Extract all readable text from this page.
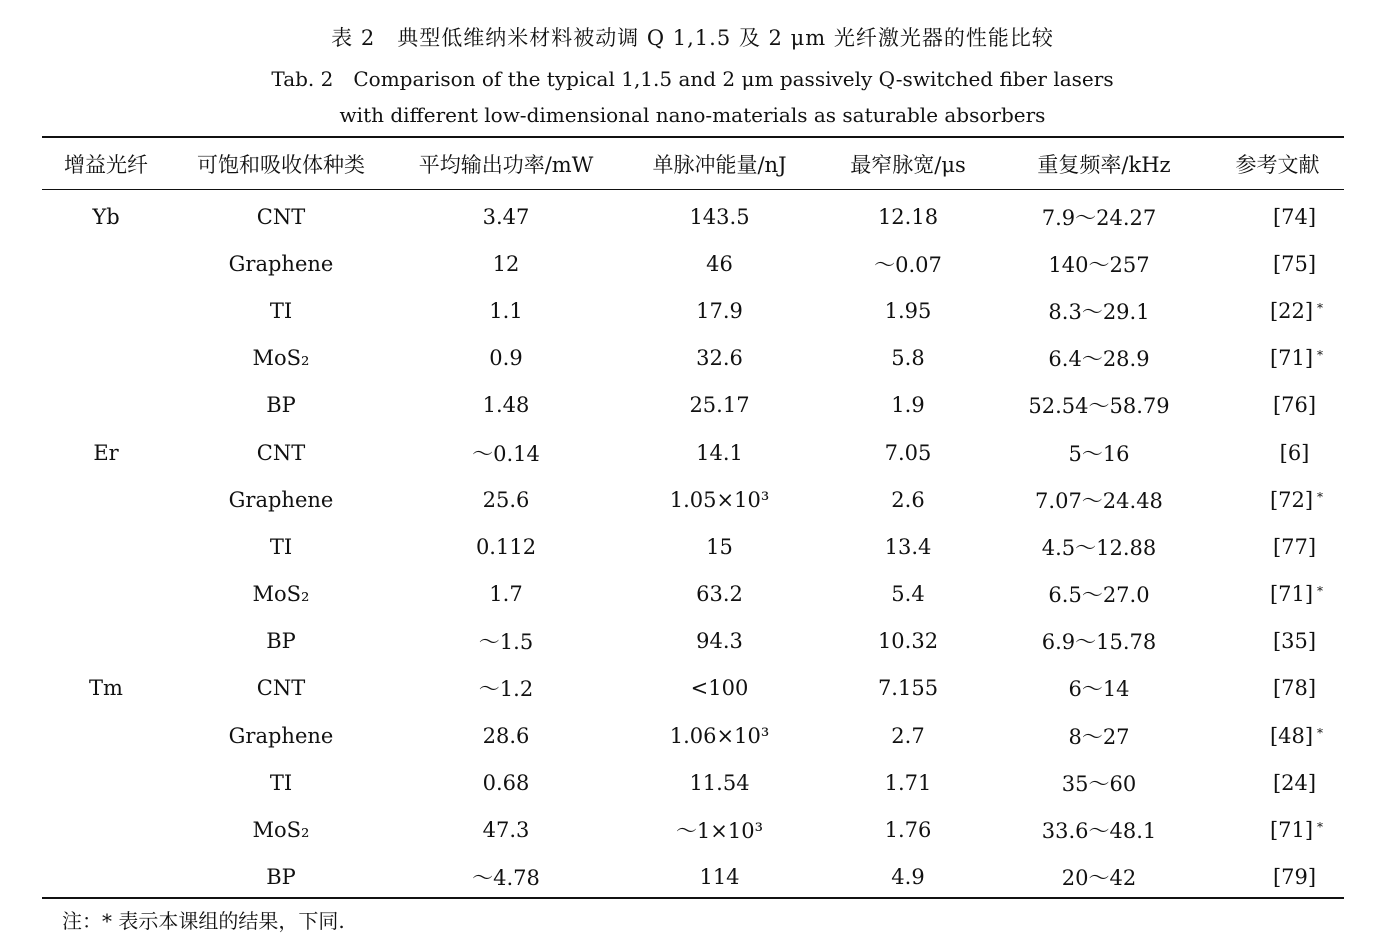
表 2　典型低维纳米材料被动调 Q 1,1.5 及 2 μm 光纤激光器的性能比较
Tab. 2　Comparison of the typical 1,1.5 and 2 μm passively Q-switched fiber lasers
with different low-dimensional nano-materials as saturable absorbers
增益光纤	可饱和吸收体种类	平均输出功率/mW	单脉冲能量/nJ	最窄脉宽/μs	重复频率/kHz	参考文献
Yb	CNT	3.47	143.5	12.18	7.9～24.27	[74]
	Graphene	12	46	～0.07	140～257	[75]
	TI	1.1	17.9	1.95	8.3～29.1	[22] *
	MoS₂	0.9	32.6	5.8	6.4～28.9	[71] *
	BP	1.48	25.17	1.9	52.54～58.79	[76]
Er	CNT	～0.14	14.1	7.05	5～16	[6]
	Graphene	25.6	1.05×10³	2.6	7.07～24.48	[72] *
	TI	0.112	15	13.4	4.5～12.88	[77]
	MoS₂	1.7	63.2	5.4	6.5～27.0	[71] *
	BP	～1.5	94.3	10.32	6.9～15.78	[35]
Tm	CNT	～1.2	<100	7.155	6～14	[78]
	Graphene	28.6	1.06×10³	2.7	8～27	[48] *
	TI	0.68	11.54	1.71	35～60	[24]
	MoS₂	47.3	～1×10³	1.76	33.6～48.1	[71] *
	BP	～4.78	114	4.9	20～42	[79]
注：* 表示本课组的结果，下同.
